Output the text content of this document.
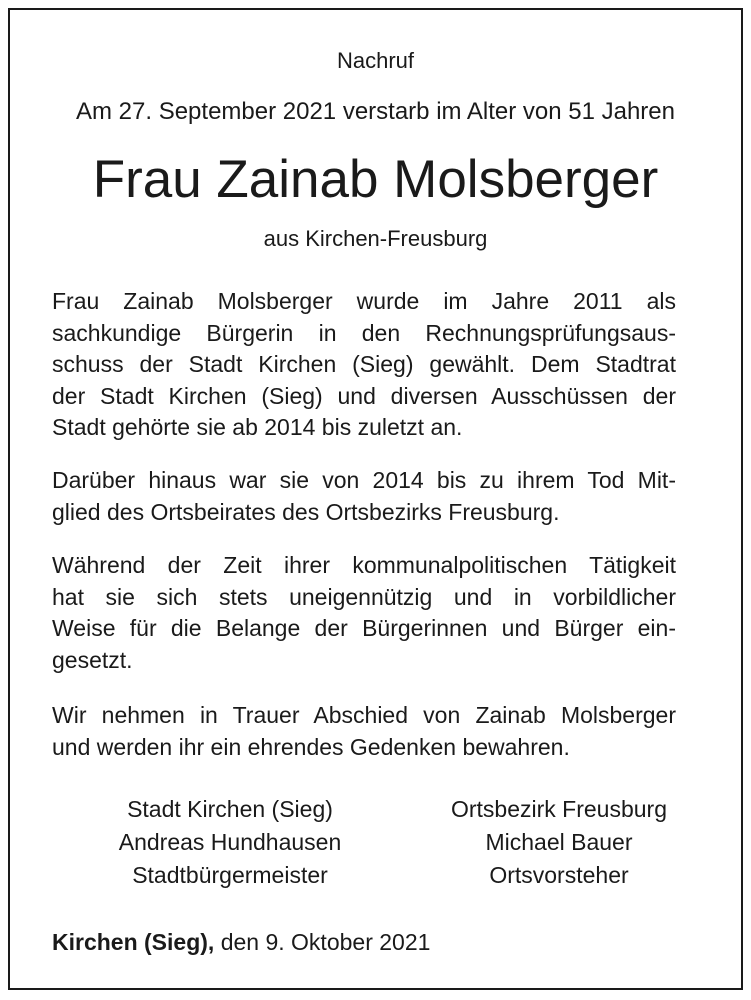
Nachruf
Am 27. September 2021 verstarb im Alter von 51 Jahren
Frau Zainab Molsberger
aus Kirchen-Freusburg
Frau Zainab Molsberger wurde im Jahre 2011 als
sachkundige Bürgerin in den Rechnungsprüfungsaus-
schuss der Stadt Kirchen (Sieg) gewählt. Dem Stadtrat
der Stadt Kirchen (Sieg) und diversen Ausschüssen der
Stadt gehörte sie ab 2014 bis zuletzt an.
Darüber hinaus war sie von 2014 bis zu ihrem Tod Mit-
glied des Ortsbeirates des Ortsbezirks Freusburg.
Während der Zeit ihrer kommunalpolitischen Tätigkeit
hat sie sich stets uneigennützig und in vorbildlicher
Weise für die Belange der Bürgerinnen und Bürger ein-
gesetzt.
Wir nehmen in Trauer Abschied von Zainab Molsberger
und werden ihr ein ehrendes Gedenken bewahren.
Stadt Kirchen (Sieg)
Andreas Hundhausen
Stadtbürgermeister
Ortsbezirk Freusburg
Michael Bauer
Ortsvorsteher
Kirchen (Sieg), den 9. Oktober 2021
